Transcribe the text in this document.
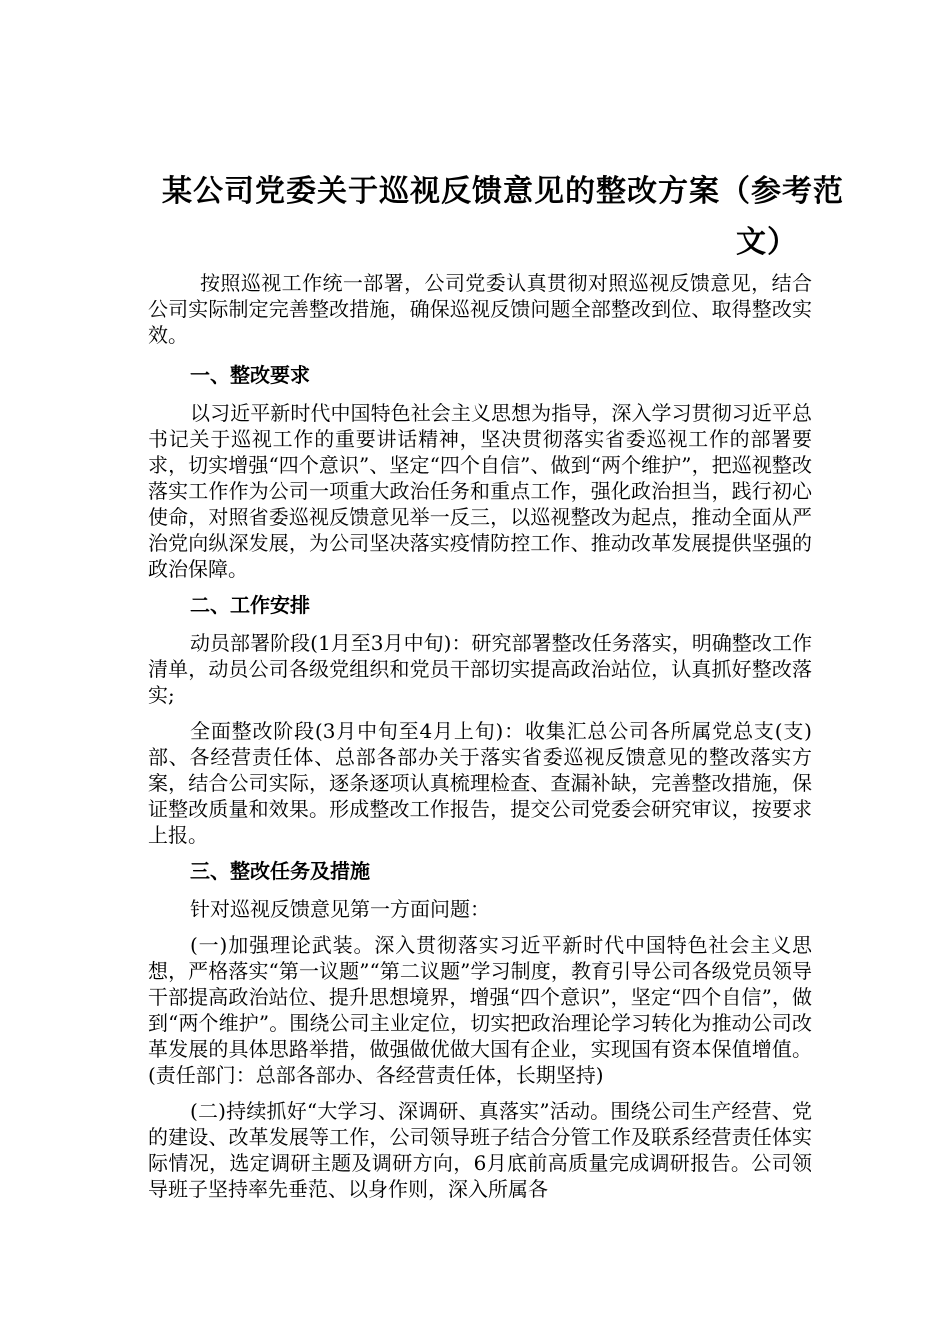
某公司党委关于巡视反馈意见的整改方案（参考范
文）

按照巡视工作统一部署，公司党委认真贯彻对照巡视反馈意见，结合公司实际制定完善整改措施，确保巡视反馈问题全部整改到位、取得整改实效。

一、整改要求

以习近平新时代中国特色社会主义思想为指导，深入学习贯彻习近平总书记关于巡视工作的重要讲话精神，坚决贯彻落实省委巡视工作的部署要求，切实增强“四个意识”、坚定“四个自信”、做到“两个维护”，把巡视整改落实工作作为公司一项重大政治任务和重点工作，强化政治担当，践行初心使命，对照省委巡视反馈意见举一反三，以巡视整改为起点，推动全面从严治党向纵深发展，为公司坚决落实疫情防控工作、推动改革发展提供坚强的政治保障。

二、工作安排

动员部署阶段(1月至3月中旬)：研究部署整改任务落实，明确整改工作清单，动员公司各级党组织和党员干部切实提高政治站位，认真抓好整改落实;

全面整改阶段(3月中旬至4月上旬)：收集汇总公司各所属党总支(支)部、各经营责任体、总部各部办关于落实省委巡视反馈意见的整改落实方案，结合公司实际，逐条逐项认真梳理检查、查漏补缺，完善整改措施，保证整改质量和效果。形成整改工作报告，提交公司党委会研究审议，按要求上报。

三、整改任务及措施

针对巡视反馈意见第一方面问题：

(一)加强理论武装。深入贯彻落实习近平新时代中国特色社会主义思想，严格落实“第一议题”“第二议题”学习制度，教育引导公司各级党员领导干部提高政治站位、提升思想境界，增强“四个意识”，坚定“四个自信”，做到“两个维护”。围绕公司主业定位，切实把政治理论学习转化为推动公司改革发展的具体思路举措，做强做优做大国有企业，实现国有资本保值增值。(责任部门：总部各部办、各经营责任体，长期坚持)

(二)持续抓好“大学习、深调研、真落实”活动。围绕公司生产经营、党的建设、改革发展等工作，公司领导班子结合分管工作及联系经营责任体实际情况，选定调研主题及调研方向，6月底前高质量完成调研报告。公司领导班子坚持率先垂范、以身作则，深入所属各
